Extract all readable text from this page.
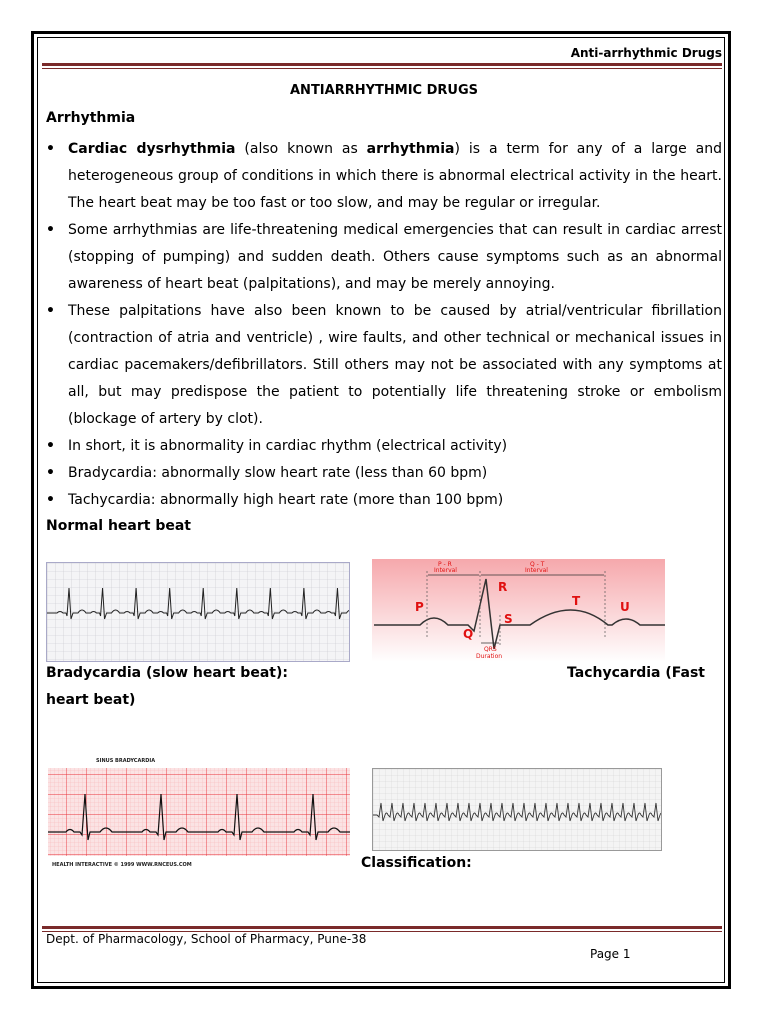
Anti-arrhythmic Drugs
ANTIARRHYTHMIC DRUGS
Arrhythmia
• Cardiac dysrhythmia (also known as arrhythmia) is a term for any of a large and heterogeneous group of conditions in which there is abnormal electrical activity in the heart. The heart beat may be too fast or too slow, and may be regular or irregular.
• Some arrhythmias are life-threatening medical emergencies that can result in cardiac arrest (stopping of pumping) and sudden death. Others cause symptoms such as an abnormal awareness of heart beat (palpitations), and may be merely annoying.
• These palpitations have also been known to be caused by atrial/ventricular fibrillation (contraction of atria and ventricle) , wire faults, and other technical or mechanical issues in cardiac pacemakers/defibrillators. Still others may not be associated with any symptoms at all, but may predispose the patient to potentially life threatening stroke or embolism (blockage of artery by clot).
• In short, it is abnormality in cardiac rhythm (electrical activity)
• Bradycardia: abnormally slow heart rate (less than 60 bpm)
• Tachycardia: abnormally high heart rate (more than 100 bpm)
Normal heart beat
P - R
Interval
Q - T
Interval
P
Q
R
S
T	U
QRS
Duration
Bradycardia (slow heart beat):	Tachycardia (Fast
heart beat)
SINUS BRADYCARDIA
HEALTH INTERACTIVE © 1999 WWW.RNCEUS.COM	Classification:
Dept. of Pharmacology, School of Pharmacy, Pune-38
Page 1
